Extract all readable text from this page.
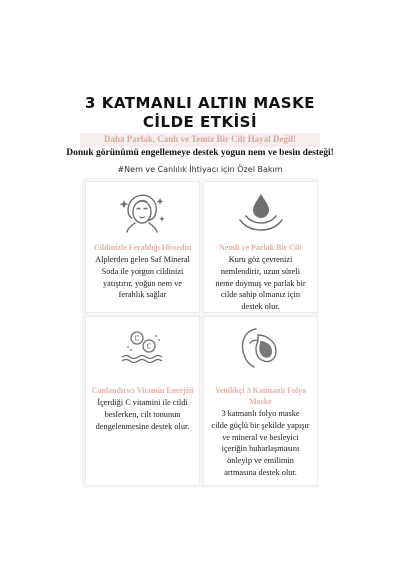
3 KATMANLI ALTIN MASKE
CİLDE ETKİSİ
Daha Parlak, Canlı ve Temiz Bir Cilt Hayal Değil!
Donuk görünümü engellemeye destek yogun nem ve besin desteği!
#Nem ve Canlılık İhtiyacı için Özel Bakım
Cildinizle Ferahlığı Hissedin
Alplerden gelen Saf Mineral
Soda ile yorgun cildinizi
yatıştırır, yoğun nem ve
ferahlık sağlar
Nemli ve Parlak Bir Cilt
Kuru göz çevrenizi
nemlendirir, uzun süreli
neme doymuş ve parlak bir
cilde sahip olmanız için
destek olur.
C
C
Canlandırıcı Vitamin Enerjisi
İçerdiği C vitamini ile cildi
beslerken, cilt tonunun
dengelenmesine destek olur.
Yenilikçi 3 Katmanlı Folyo
Maske
3 katmanlı folyo maske
cilde güçlü bir şekilde yapışır
ve mineral ve besleyici
içeriğin buharlaşmasını
önleyip ve emilimin
artmasına destek olur.
